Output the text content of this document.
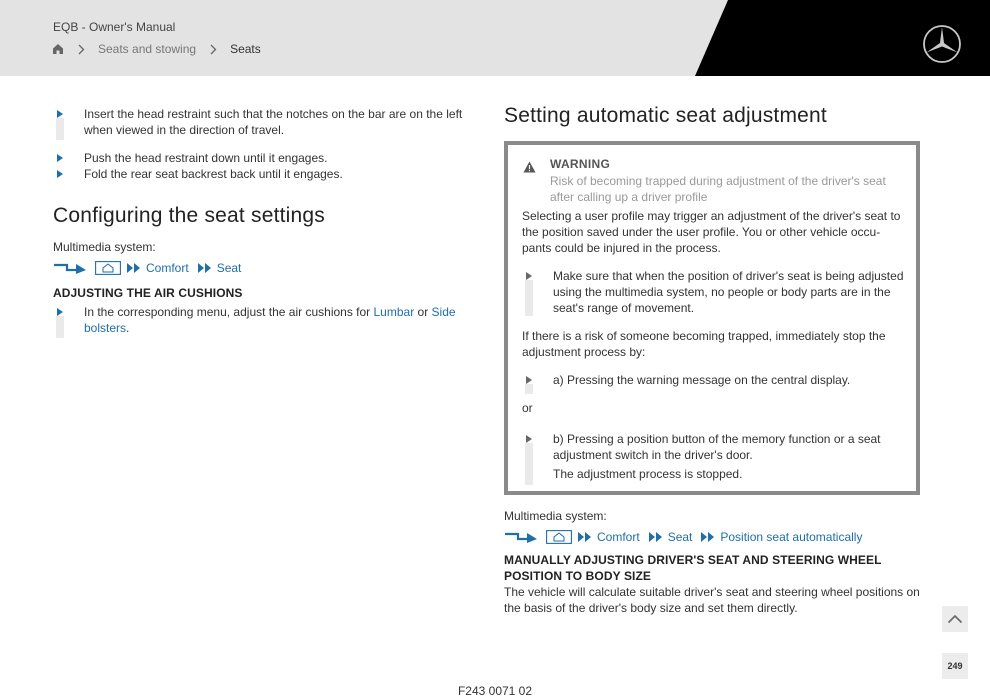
EQB - Owner's Manual
Seats and stowing	Seats
Insert the head restraint such that the notches on the bar are on the left when viewed in the direction of travel.
Push the head restraint down until it engages.
Fold the rear seat backrest back until it engages.
Configuring the seat settings
Multimedia system:
Comfort Seat
ADJUSTING THE AIR CUSHIONS
In the corresponding menu, adjust the air cushions for Lumbar or Side bolsters.
Setting automatic seat adjustment
WARNING
Risk of becoming trapped during adjustment of the driver's seat after calling up a driver profile
Selecting a user profile may trigger an adjustment of the driver's seat to the position saved under the user profile. You or other vehicle occu-pants could be injured in the process.
Make sure that when the position of driver's seat is being adjusted using the multimedia system, no people or body parts are in the seat's range of movement.
If there is a risk of someone becoming trapped, immediately stop the adjustment process by:
a) Pressing the warning message on the central display.
or
b) Pressing a position button of the memory function or a seat adjustment switch in the driver's door.
The adjustment process is stopped.
Multimedia system:
Comfort Seat Position seat automatically
MANUALLY ADJUSTING DRIVER'S SEAT AND STEERING WHEEL POSITION TO BODY SIZE
The vehicle will calculate suitable driver's seat and steering wheel positions on the basis of the driver's body size and set them directly.
249
F243 0071 02
